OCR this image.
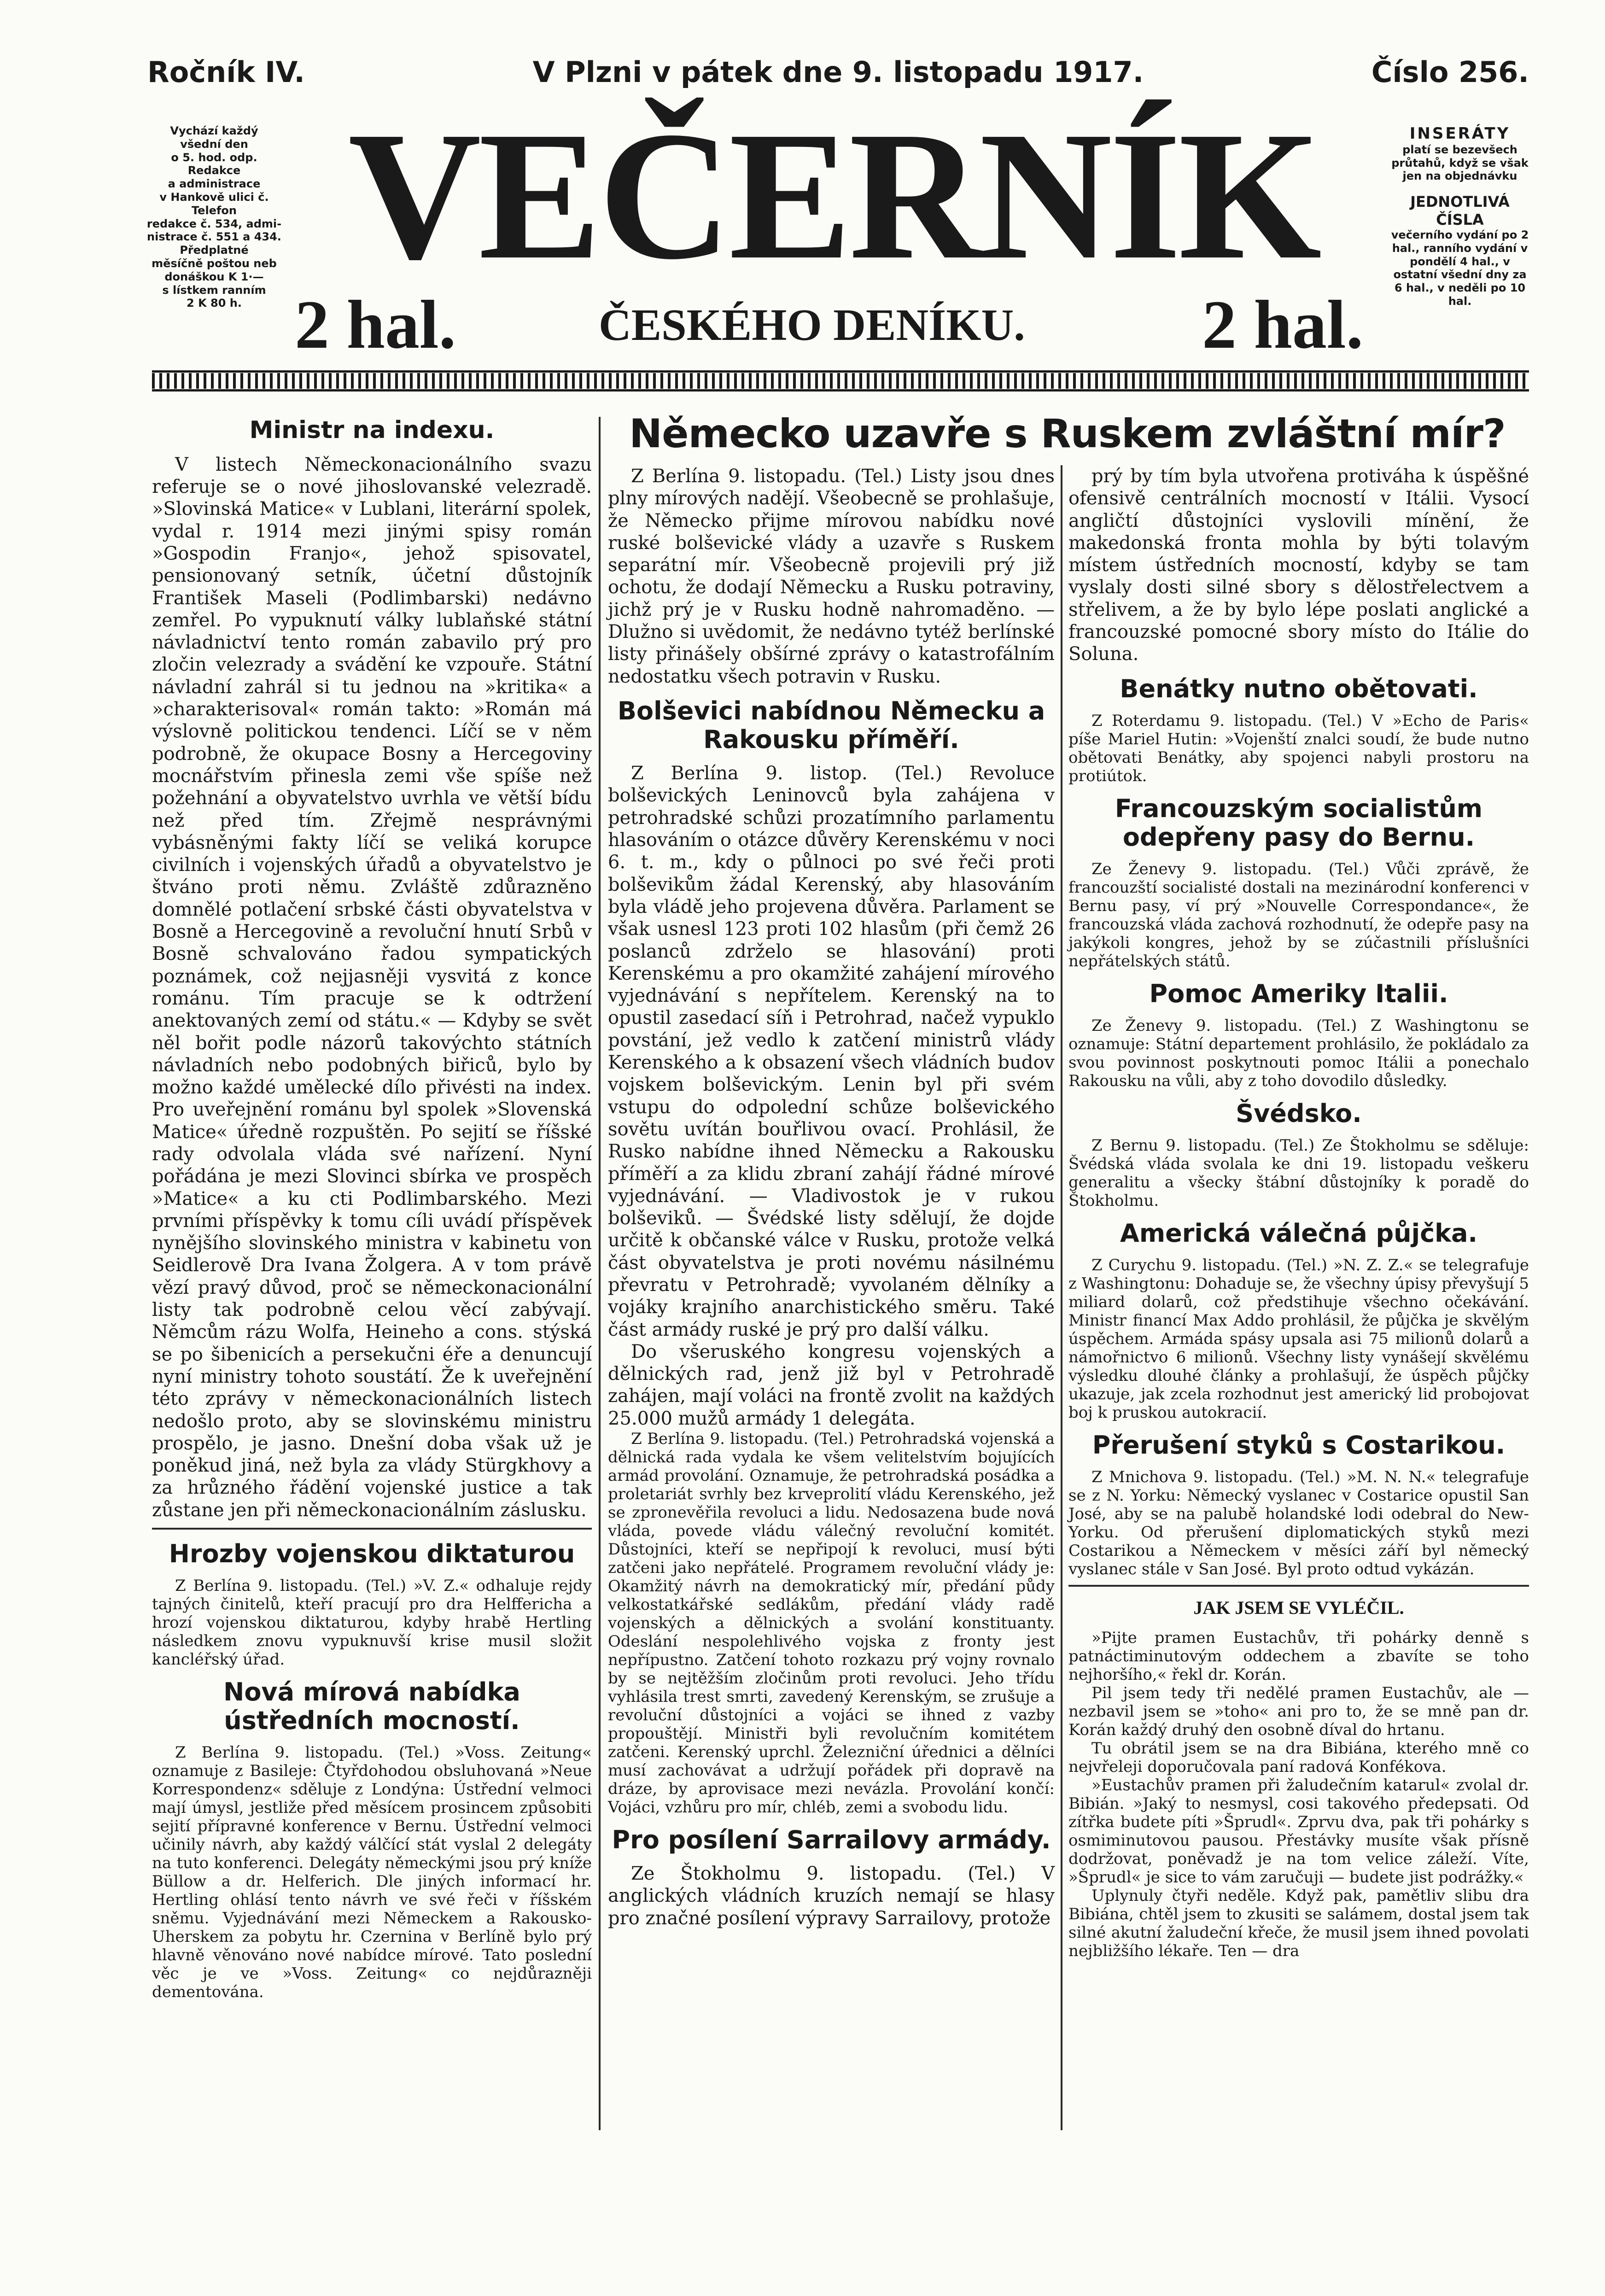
Ročník IV.	V Plzni v pátek dne 9. listopadu 1917.	Číslo 256.
Vychází každý
všední den
o 5. hod. odp.
Redakce
a administrace
v Hankově ulici č.
Telefon
redakce č. 534, admi-
nistrace č. 551 a 434.
Předplatné
měsíčně poštou neb
donáškou K 1·—
s lístkem ranním
2 K 80 h.
VEČERNÍK
2 hal.	ČESKÉHO DENÍKU.	2 hal.
INSERÁTY
platí se bezevšech průtahů, když se však jen na objednávku
JEDNOTLIVÁ ČÍSLA
večerního vydání po 2 hal., ranního vydání v pondělí 4 hal., v ostatní všední dny za 6 hal., v neděli po 10 hal.
Ministr na indexu.

V listech Německonacionálního svazu referuje se o nové jihoslovanské velezradě. »Slovinská Matice« v Lublani, literární spolek, vydal r. 1914 mezi jinými spisy román »Gospodin Franjo«, jehož spisovatel, pensionovaný setník, účetní důstojník František Maseli (Podlimbarski) nedávno zemřel. Po vypuknutí války lublaňské státní návladnictví tento román zabavilo prý pro zločin velezrady a svádění ke vzpouře. Státní návladní zahrál si tu jednou na »kritika« a »charakterisoval« román takto: »Román má výslovně politickou tendenci. Líčí se v něm podrobně, že okupace Bosny a Hercegoviny mocnářstvím přinesla zemi vše spíše než požehnání a obyvatelstvo uvrhla ve větší bídu než před tím. Zřejmě nesprávnými vybásněnými fakty líčí se veliká korupce civilních i vojenských úřadů a obyvatelstvo je štváno proti němu. Zvláště zdůrazněno domnělé potlačení srbské části obyvatelstva v Bosně a Hercegovině a revoluční hnutí Srbů v Bosně schvalováno řadou sympatických poznámek, což nejjasněji vysvitá z konce románu. Tím pracuje se k odtržení anektovaných zemí od státu.« — Kdyby se svět něl bořit podle názorů takovýchto státních návladních nebo podobných biřiců, bylo by možno každé umělecké dílo přivésti na index. Pro uveřejnění románu byl spolek »Slovenská Matice« úředně rozpuštěn. Po sejití se říšské rady odvolala vláda své nařízení. Nyní pořádána je mezi Slovinci sbírka ve prospěch »Matice« a ku cti Podlimbarského. Mezi prvními příspěvky k tomu cíli uvádí příspěvek nynějšího slovinského ministra v kabinetu von Seidlerově Dra Ivana Žolgera. A v tom právě vězí pravý důvod, proč se německonacionální listy tak podrobně celou věcí zabývají. Němcům rázu Wolfa, Heineho a cons. stýská se po šibenicích a persekučni éře a denuncují nyní ministry tohoto soustátí. Že k uveřejnění této zprávy v německonacionálních listech nedošlo proto, aby se slovinskému ministru prospělo, je jasno. Dnešní doba však už je poněkud jiná, než byla za vlády Stürgkhovy a za hrůzného řádění vojenské justice a tak zůstane jen při německonacionálním záslusku.

Hrozby vojenskou diktaturou

Z Berlína 9. listopadu. (Tel.) »V. Z.« odhaluje rejdy tajných činitelů, kteří pracují pro dra Helfferichа a hrozí vojenskou diktaturou, kdyby hrabě Hertling následkem znovu vypuknuvší krise musil složit kancléřský úřad.

Nová mírová nabídka ústředních mocností.

Z Berlína 9. listopadu. (Tel.) »Voss. Zeitung« oznamuje z Basileje: Čtyřdohodou obsluhovaná »Neue Korrespondenz« sděluje z Londýna: Ústřední velmoci mají úmysl, jestliže před měsícem prosincem způsobiti sejití přípravné konference v Bernu. Ústřední velmoci učinily návrh, aby každý válčící stát vyslal 2 delegáty na tuto konferenci. Delegáty německými jsou prý kníže Büllow a dr. Helferich. Dle jiných informací hr. Hertling ohlásí tento návrh ve své řeči v říšském sněmu. Vyjednávání mezi Německem a Rakousko-Uherskem za pobytu hr. Czernina v Berlíně bylo prý hlavně věnováno nové nabídce mírové. Tato poslední věc je ve »Voss. Zeitung« co nejdůrazněji dementována.

Německo uzavře s Ruskem zvláštní mír?

Z Berlína 9. listopadu. (Tel.) Listy jsou dnes plny mírových nadějí. Všeobecně se prohlašuje, že Německo přijme mírovou nabídku nové ruské bolševické vlády a uzavře s Ruskem separátní mír. Všeobecně projevili prý již ochotu, že dodají Německu a Rusku potraviny, jichž prý je v Rusku hodně nahromaděno. — Dlužno si uvědomit, že nedávno tytéž berlínské listy přinášely obšírné zprávy o katastrofálním nedostatku všech potravin v Rusku.

Bolševici nabídnou Německu a Rakousku příměří.

Z Berlína 9. listop. (Tel.) Revoluce bolševických Leninovců byla zahájena v petrohradské schůzi prozatímního parlamentu hlasováním o otázce důvěry Kerenskému v noci 6. t. m., kdy o půlnoci po své řeči proti bolševikům žádal Kerenský, aby hlasováním byla vládě jeho projevena důvěra. Parlament se však usnesl 123 proti 102 hlasům (při čemž 26 poslanců zdrželo se hlasování) proti Kerenskému a pro okamžité zahájení mírového vyjednávání s nepřítelem. Kerenský na to opustil zasedací síň i Petrohrad, načež vypuklo povstání, jež vedlo k zatčení ministrů vlády Kerenského a k obsazení všech vládních budov vojskem bolševickým. Lenin byl při svém vstupu do odpolední schůze bolševického sovětu uvítán bouřlivou ovací. Prohlásil, že Rusko nabídne ihned Německu a Rakousku příměří a za klidu zbraní zahájí řádné mírové vyjednávání. — Vladivostok je v rukou bolševiků. — Švédské listy sdělují, že dojde určitě k občanské válce v Rusku, protože velká část obyvatelstva je proti novému násilnému převratu v Petrohradě; vyvolaném dělníky a vojáky krajního anarchistického směru. Také část armády ruské je prý pro další válku.

Do všeruského kongresu vojenských a dělnických rad, jenž již byl v Petrohradě zahájen, mají voláci na frontě zvolit na každých 25.000 mužů armády 1 delegáta.

Z Berlína 9. listopadu. (Tel.) Petrohradská vojenská a dělnická rada vydala ke všem velitelstvím bojujících armád provolání. Oznamuje, že petrohradská posádka a proletariát svrhly bez krveprolití vládu Kerenského, jež se zpronevěřila revoluci a lidu. Nedosazena bude nová vláda, povede vládu válečný revoluční komitét. Důstojníci, kteří se nepřipojí k revoluci, musí býti zatčeni jako nepřátelé. Programem revoluční vlády je: Okamžitý návrh na demokratický mír, předání půdy velkostatkářské sedlákům, předání vlády radě vojenských a dělnických a svolání konstituanty. Odeslání nespolehlivého vojska z fronty jest nepřípustno. Zatčení tohoto rozkazu prý vojny rovnalo by se nejtěžším zločinům proti revoluci. Jeho třídu vyhlásila trest smrti, zavedený Kerenským, se zrušuje a revoluční důstojníci a vojáci se ihned z vazby propouštějí. Ministři byli revolučním komitétem zatčeni. Kerenský uprchl. Železniční úřednici a dělníci musí zachovávat a udržují pořádek při dopravě na dráze, by aprovisace mezi nevázla. Provolání končí: Vojáci, vzhůru pro mír, chléb, zemi a svobodu lidu.

Pro posílení Sarrailovy armády.

Ze Štokholmu 9. listopadu. (Tel.) V anglických vládních kruzích nemají se hlasy pro značné posílení výpravy Sarrailovy, protože

prý by tím byla utvořena protiváha k úspěšné ofensivě centrálních mocností v Itálii. Vysocí angličtí důstojníci vyslovili mínění, že makedonská fronta mohla by býti tolavým místem ústředních mocností, kdyby se tam vyslaly dosti silné sbory s dělostřelectvem a střelivem, a že by bylo lépe poslati anglické a francouzské pomocné sbory místo do Itálie do Soluna.

Benátky nutno obětovati.

Z Roterdamu 9. listopadu. (Tel.) V »Echo de Paris« píše Mariel Hutin: »Vojenští znalci soudí, že bude nutno obětovati Benátky, aby spojenci nabyli prostoru na protiútok.

Francouzským socialistům odepřeny pasy do Bernu.

Ze Ženevy 9. listopadu. (Tel.) Vůči zprávě, že francouzští socialisté dostali na mezinárodní konferenci v Bernu pasy, ví prý »Nouvelle Correspondance«, že francouzská vláda zachová rozhodnutí, že odepře pasy na jakýkoli kongres, jehož by se zúčastnili příslušníci nepřátelských států.

Pomoc Ameriky Italii.

Ze Ženevy 9. listopadu. (Tel.) Z Washingtonu se oznamuje: Státní departement prohlásilo, že pokládalo za svou povinnost poskytnouti pomoc Itálii a ponechalo Rakousku na vůli, aby z toho dovodilo důsledky.

Švédsko.

Z Bernu 9. listopadu. (Tel.) Ze Štokholmu se sděluje: Švédská vláda svolala ke dni 19. listopadu veškeru generalitu a všecky štábní důstojníky k poradě do Štokholmu.

Americká válečná půjčka.

Z Curychu 9. listopadu. (Tel.) »N. Z. Z.« se telegrafuje z Washingtonu: Dohaduje se, že všechny úpisy převyšují 5 miliard dolarů, což předstihuje všechno očekávání. Ministr financí Max Addo prohlásil, že půjčka je skvělým úspěchem. Armáda spásy upsala asi 75 milionů dolarů a námořnictvo 6 milionů. Všechny listy vynášejí skvělému výsledku dlouhé články a prohlašují, že úspěch půjčky ukazuje, jak zcela rozhodnut jest americký lid probojovat boj k pruskou autokracií.

Přerušení styků s Costarikou.

Z Mnichova 9. listopadu. (Tel.) »M. N. N.« telegrafuje se z N. Yorku: Německý vyslanec v Costarice opustil San José, aby se na palubě holandské lodi odebral do New-Yorku. Od přerušení diplomatických styků mezi Costarikou a Německem v měsíci září byl německý vyslanec stále v San José. Byl proto odtud vykázán.

JAK JSEM SE VYLÉČIL.

»Pijte pramen Eustachův, tři pohárky denně s patnáctiminutovým oddechem a zbavíte se toho nejhoršího,« řekl dr. Korán.

Pil jsem tedy tři nedělé pramen Eustachův, ale — nezbavil jsem se »toho« ani pro to, že se mně pan dr. Korán každý druhý den osobně díval do hrtanu.

Tu obrátil jsem se na dra Bibiána, kterého mně co nejvřeleji doporučovala paní radová Konfékova.

»Eustachův pramen při žaludečním katarul« zvolal dr. Bibián. »Jaký to nesmysl, cosi takového předepsati. Od zítřka budete píti »Šprudl«. Zprvu dva, pak tři pohárky s osmiminutovou pausou. Přestávky musíte však přísně dodržovat, poněvadž je na tom velice záleží. Víte, »Šprudl« je sice to vám zaručuji — budete jist podrážky.«

Uplynuly čtyři neděle. Když pak, pamětliv slibu dra Bibiána, chtěl jsem to zkusiti se salámem, dostal jsem tak silné akutní žaludeční křeče, že musil jsem ihned povolati nejbližšího lékaře. Ten — dra
